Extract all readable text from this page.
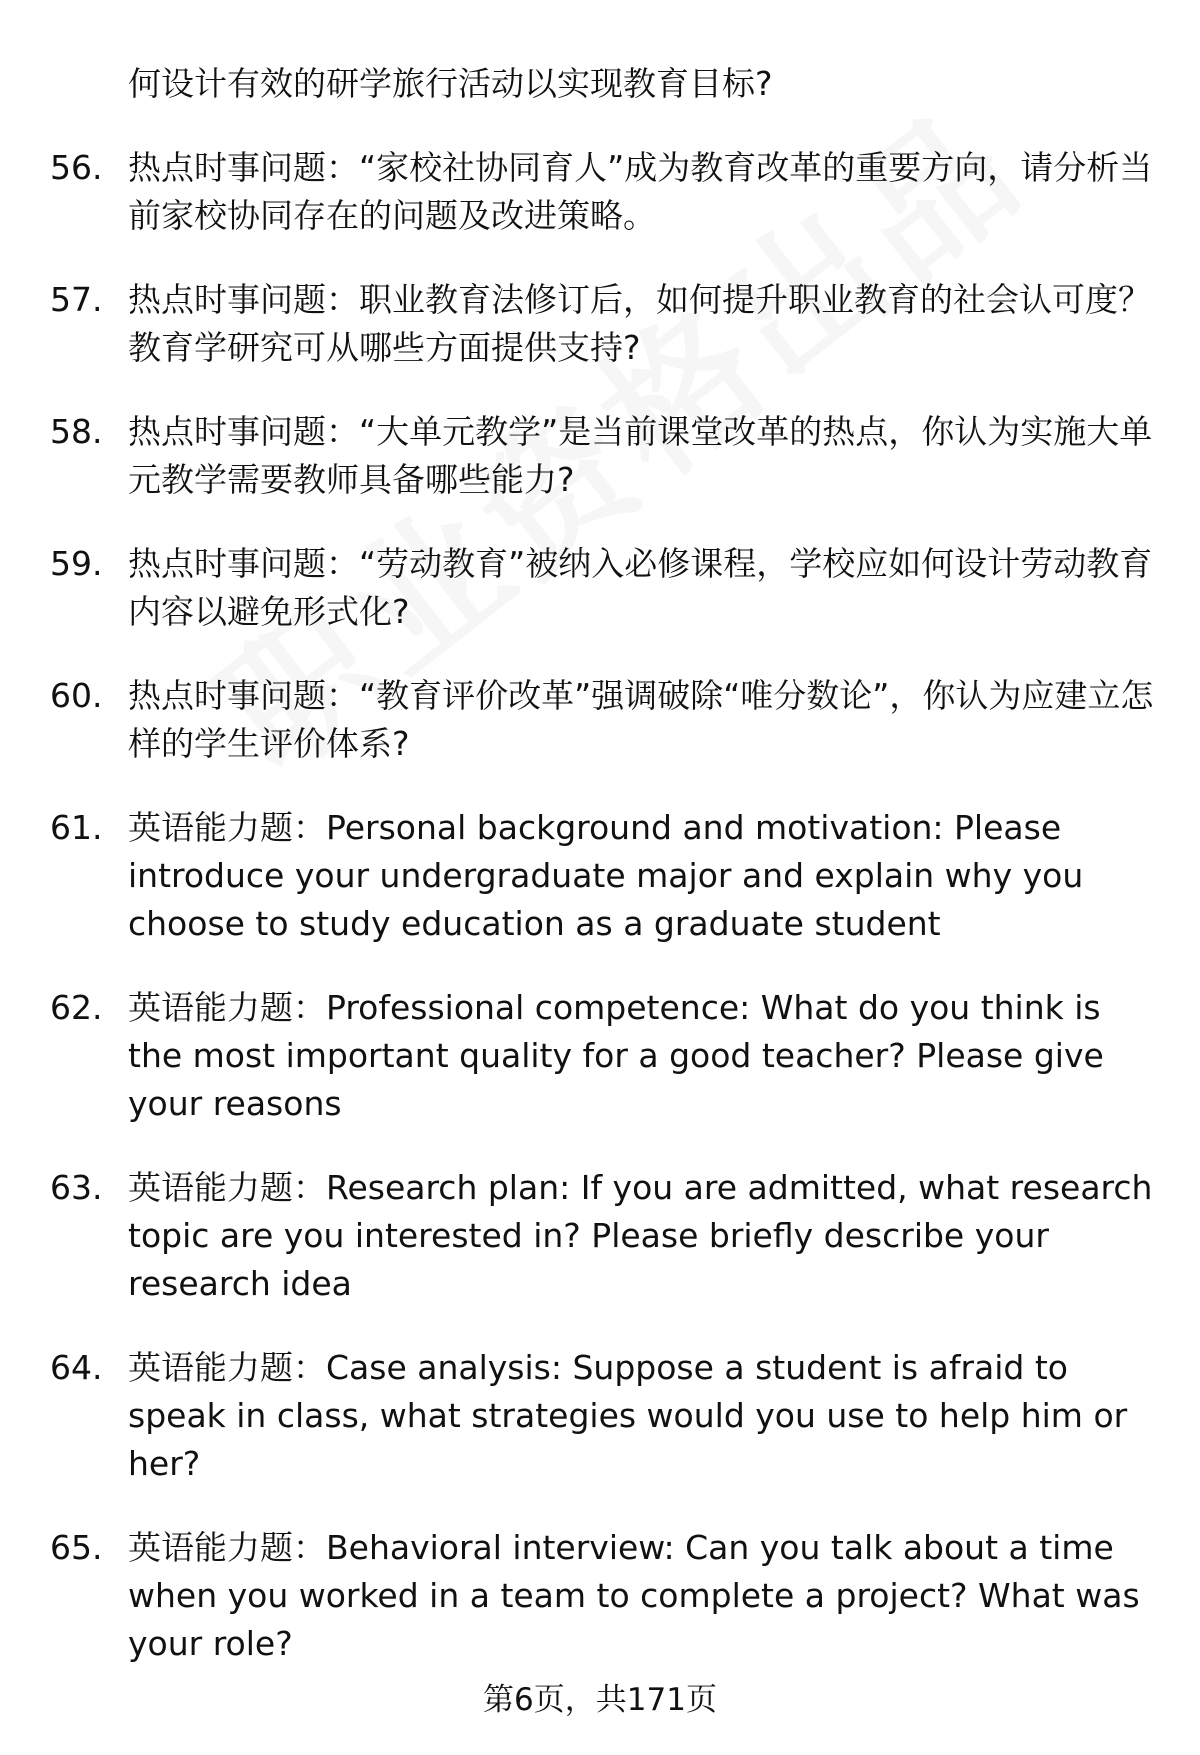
何设计有效的研学旅行活动以实现教育目标?
56. 热点时事问题：“家校社协同育人”成为教育改革的重要方向，请分析当前家校协同存在的问题及改进策略。
57. 热点时事问题：职业教育法修订后，如何提升职业教育的社会认可度？教育学研究可从哪些方面提供支持?
58. 热点时事问题：“大单元教学”是当前课堂改革的热点，你认为实施大单元教学需要教师具备哪些能力?
59. 热点时事问题：“劳动教育”被纳入必修课程，学校应如何设计劳动教育内容以避免形式化?
60. 热点时事问题：“教育评价改革”强调破除“唯分数论”，你认为应建立怎样的学生评价体系?
61. 英语能力题：Personal background and motivation: Please introduce your undergraduate major and explain why you choose to study education as a graduate student
62. 英语能力题：Professional competence: What do you think is the most important quality for a good teacher? Please give your reasons
63. 英语能力题：Research plan: If you are admitted, what research topic are you interested in? Please briefly describe your research idea
64. 英语能力题：Case analysis: Suppose a student is afraid to speak in class, what strategies would you use to help him or her?
65. 英语能力题：Behavioral interview: Can you talk about a time when you worked in a team to complete a project? What was your role?
第6页，共171页
